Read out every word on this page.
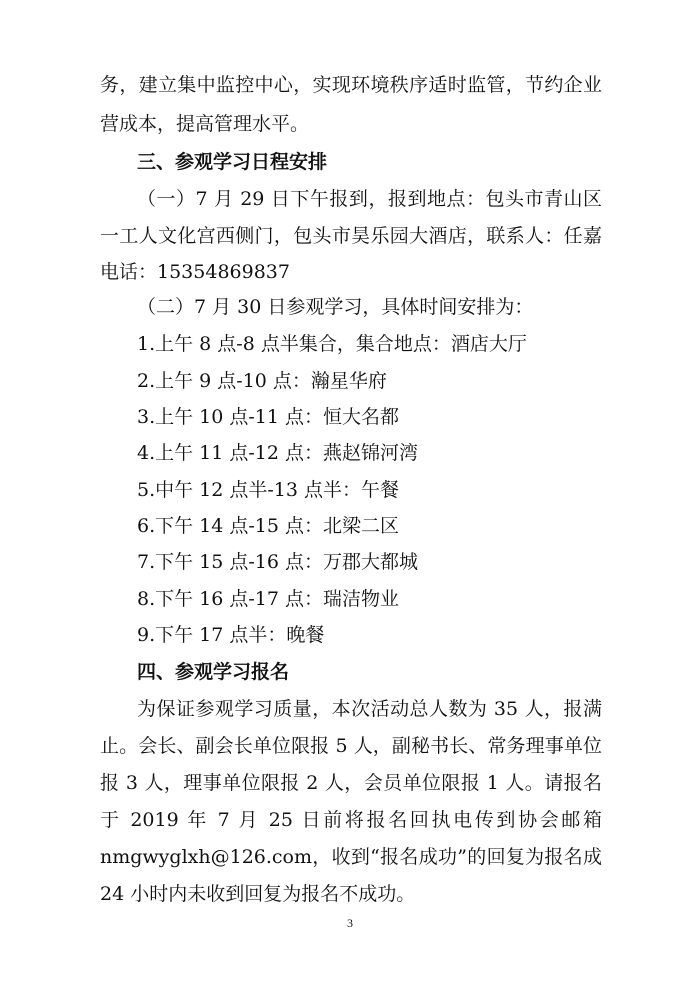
务，建立集中监控中心，实现环境秩序适时监管，节约企业
营成本，提高管理水平。
三、参观学习日程安排
（一）7 月 29 日下午报到，报到地点：包头市青山区
一工人文化宫西侧门，包头市昊乐园大酒店，联系人：任嘉
电话：15354869837
（二）7 月 30 日参观学习，具体时间安排为：
1.上午 8 点-8 点半集合，集合地点：酒店大厅
2.上午 9 点-10 点：瀚星华府
3.上午 10 点-11 点：恒大名都
4.上午 11 点-12 点：燕赵锦河湾
5.中午 12 点半-13 点半：午餐
6.下午 14 点-15 点：北梁二区
7.下午 15 点-16 点：万郡大都城
8.下午 16 点-17 点：瑞洁物业
9.下午 17 点半：晚餐
四、参观学习报名
为保证参观学习质量，本次活动总人数为 35 人，报满
止。会长、副会长单位限报 5 人，副秘书长、常务理事单位
报 3 人，理事单位限报 2 人，会员单位限报 1 人。请报名
于 2019 年 7 月 25 日前将报名回执电传到协会邮箱
nmgwyglxh@126.com，收到“报名成功”的回复为报名成
24 小时内未收到回复为报名不成功。
3
